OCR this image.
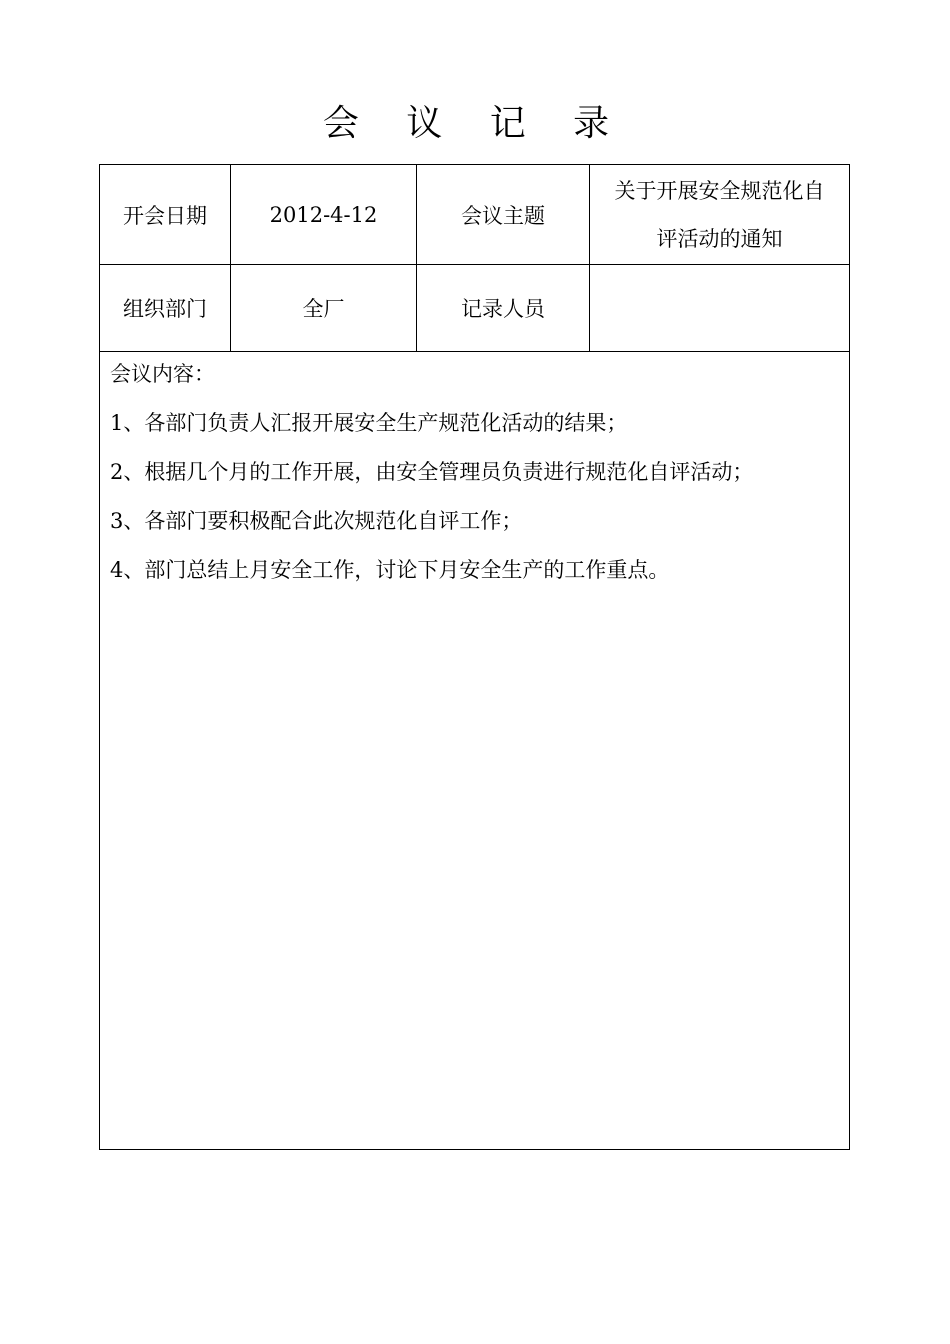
会 议 记 录
开会日期	2012-4-12	会议主题	关于开展安全规范化自
评活动的通知

组织部门	全厂	记录人员	

会议内容：

1、各部门负责人汇报开展安全生产规范化活动的结果；

2、根据几个月的工作开展，由安全管理员负责进行规范化自评活动；

3、各部门要积极配合此次规范化自评工作；

4、部门总结上月安全工作，讨论下月安全生产的工作重点。			
